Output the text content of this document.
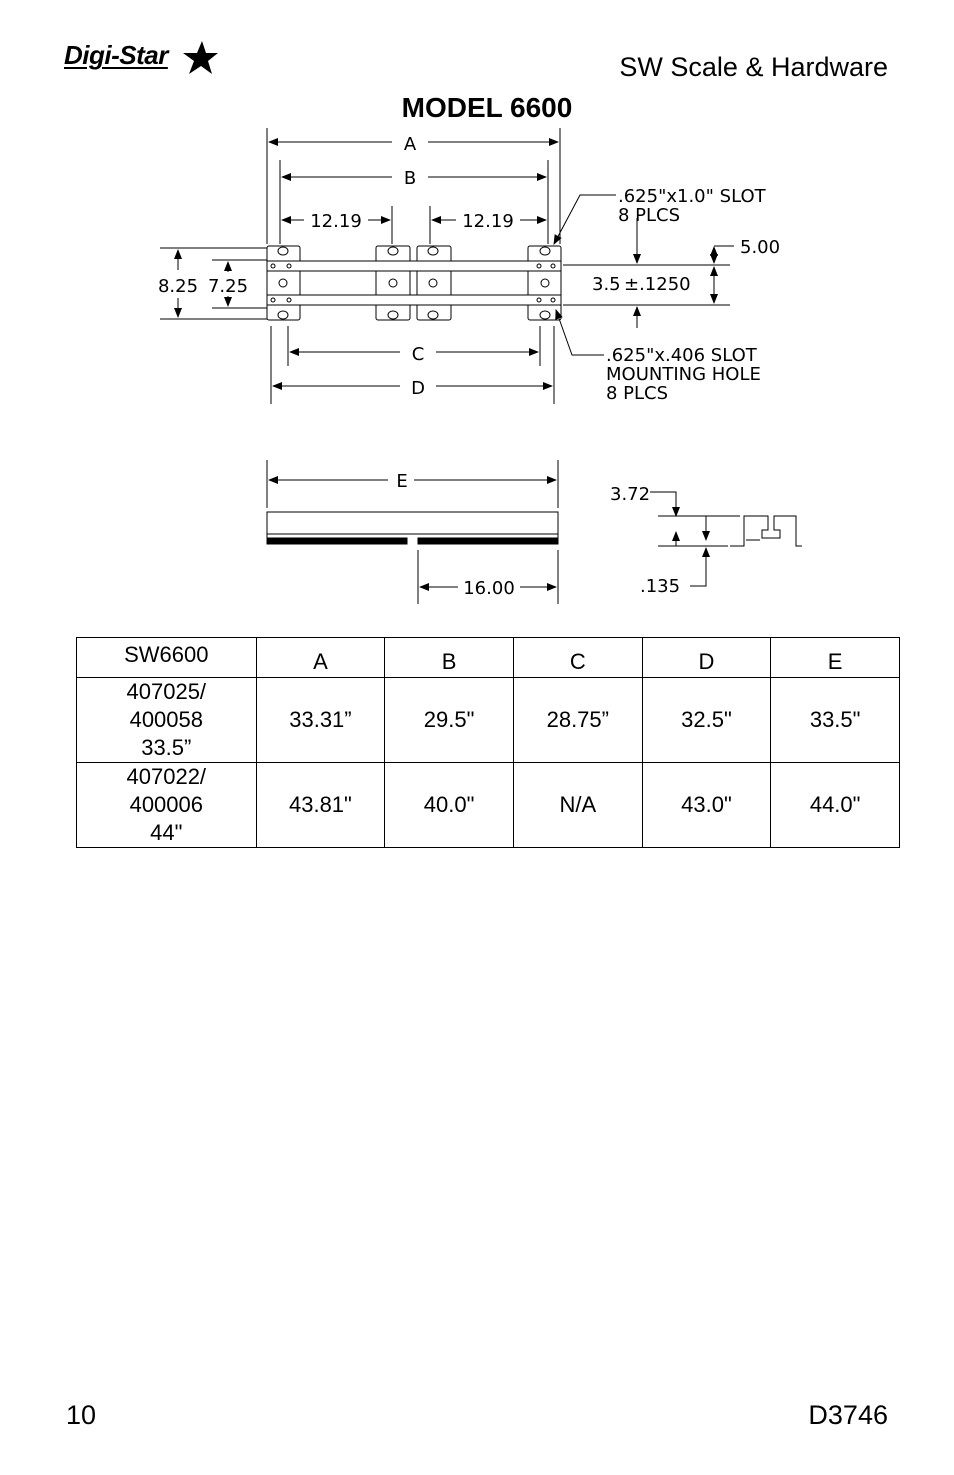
Digi-Star	SW Scale & Hardware
MODEL 6600
A
B
12.19	12.19
8.25 7.25	3.5 ±.1250
5.00
.625"x1.0" SLOT
8 PLCS
.625"x.406 SLOT
MOUNTING HOLE
8 PLCS
C
D
E
16.00
3.72
.135
SW6600	A	B	C	D	E

407025/
400058
33.5”	33.31”	29.5"	28.75”	32.5"	33.5"

407022/
400006
44"	43.81"	40.0"	N/A	43.0"	44.0"
10	D3746
